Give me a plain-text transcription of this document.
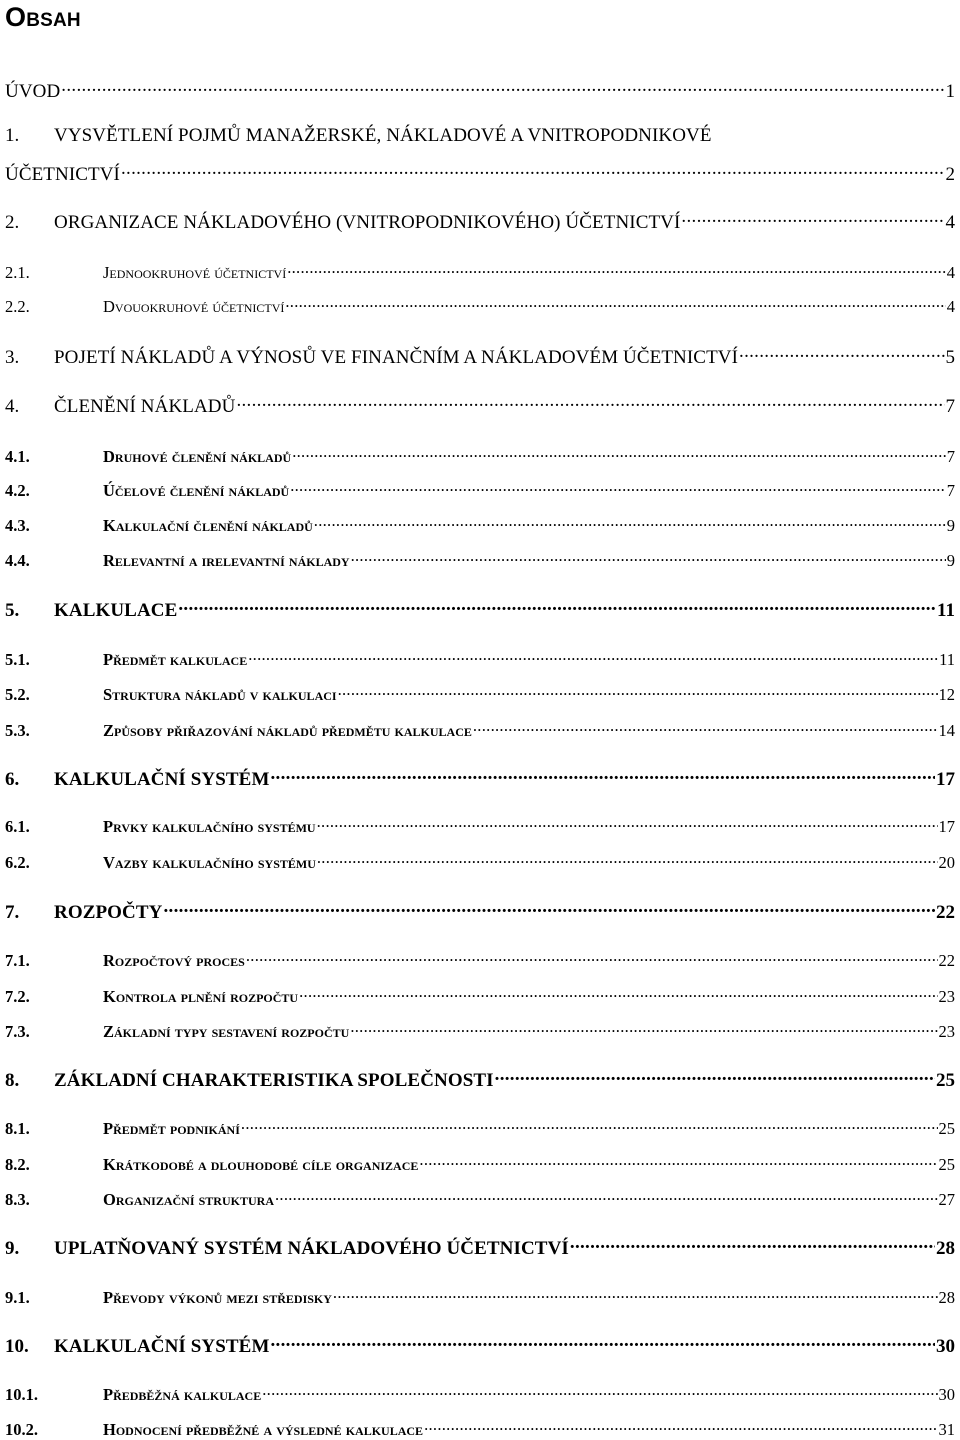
Obsah
ÚVOD .....	1
1.	VYSVĚTLENÍ POJMŮ MANAŽERSKÉ, NÁKLADOVÉ A VNITROPODNIKOVÉ
ÚČETNICTVÍ .....	2
2.	ORGANIZACE NÁKLADOVÉHO (VNITROPODNIKOVÉHO) ÚČETNICTVÍ .....	4
2.1.	Jednookruhové účetnictví .....	4
2.2.	Dvouokruhové účetnictví .....	4
3.	POJETÍ NÁKLADŮ A VÝNOSŮ VE FINANČNÍM A NÁKLADOVÉM ÚČETNICTVÍ .....	5
4.	ČLENĚNÍ NÁKLADŮ .....	7
4.1.	Druhové členění nákladů .....	7
4.2.	Účelové členění nákladů .....	7
4.3.	Kalkulační členění nákladů .....	9
4.4.	Relevantní a irelevantní náklady .....	9
5.	KALKULACE .....	11
5.1.	Předmět kalkulace .....	11
5.2.	Struktura nákladů v kalkulaci .....	12
5.3.	Způsoby přiřazování nákladů předmětu kalkulace .....	14
6.	KALKULAČNÍ SYSTÉM .....	17
6.1.	Prvky kalkulačního systému .....	17
6.2.	Vazby kalkulačního systému .....	20
7.	ROZPOČTY .....	22
7.1.	Rozpočtový proces .....	22
7.2.	Kontrola plnění rozpočtu .....	23
7.3.	Základní typy sestavení rozpočtu .....	23
8.	ZÁKLADNÍ CHARAKTERISTIKA SPOLEČNOSTI .....	25
8.1.	Předmět podnikání .....	25
8.2.	Krátkodobé a dlouhodobé cíle organizace .....	25
8.3.	Organizační struktura .....	27
9.	UPLATŇOVANÝ SYSTÉM NÁKLADOVÉHO ÚČETNICTVÍ .....	28
9.1.	Převody výkonů mezi středisky .....	28
10.	KALKULAČNÍ SYSTÉM .....	30
10.1.	Předběžná kalkulace .....	30
10.2.	Hodnocení předběžné a výsledné kalkulace .....	31
